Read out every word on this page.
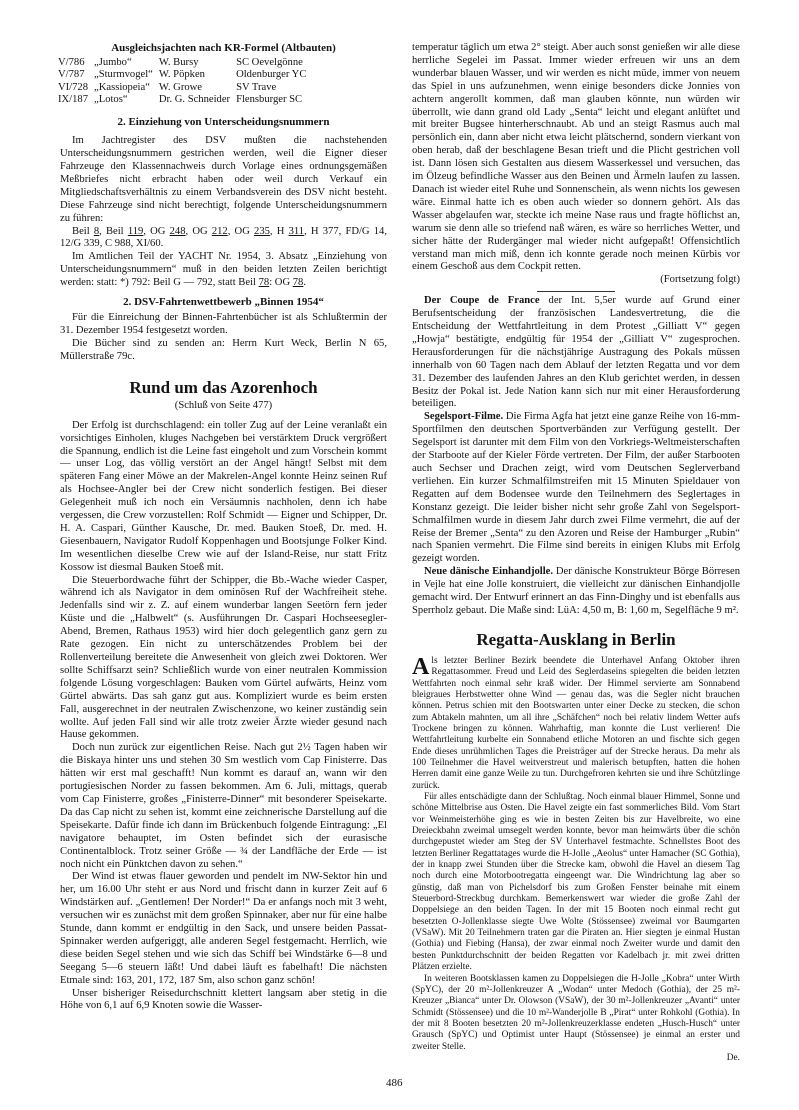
Ausgleichsjachten nach KR-Formel (Altbauten)
V/786	„Jumbo“	W. Bursy	SC Oevelgönne
V/787	„Sturmvogel“	W. Pöpken	Oldenburger YC
VI/728	„Kassiopeia“	W. Growe	SV Trave
IX/187	„Lotos“	Dr. G. Schneider	Flensburger SC
2. Einziehung von Unterscheidungsnummern

Im Jachtregister des DSV mußten die nachstehenden Unterscheidungsnummern gestrichen werden, weil die Eigner dieser Fahrzeuge den Klassennachweis durch Vorlage eines ordnungsgemäßen Meßbriefes nicht erbracht haben oder weil durch Verkauf ein Mitgliedschaftsverhältnis zu einem Verbandsverein des DSV nicht besteht. Diese Fahrzeuge sind nicht berechtigt, folgende Unterscheidungsnummern zu führen:

Beil 8, Beil 119, OG 248, OG 212, OG 235, H 311, H 377, FD/G 14, 12/G 339, C 988, XI/60.

Im Amtlichen Teil der YACHT Nr. 1954, 3. Absatz „Einziehung von Unterscheidungsnummern“ muß in den beiden letzten Zeilen berichtigt werden: statt: *) 792: Beil G — 792, statt Beil 78: OG 78.

2. DSV-Fahrtenwettbewerb „Binnen 1954“

Für die Einreichung der Binnen-Fahrtenbücher ist als Schlußtermin der 31. Dezember 1954 festgesetzt worden.

Die Bücher sind zu senden an: Herrn Kurt Weck, Berlin N 65, Müllerstraße 79c.

Rund um das Azorenhoch
(Schluß von Seite 477)

Der Erfolg ist durchschlagend: ein toller Zug auf der Leine veranlaßt ein vorsichtiges Einholen, kluges Nachgeben bei verstärktem Druck vergrößert die Spannung, endlich ist die Leine fast eingeholt und zum Vorschein kommt — unser Log, das völlig verstört an der Angel hängt! Selbst mit dem späteren Fang einer Möwe an der Makrelen-Angel konnte Heinz seinen Ruf als Hochsee-Angler bei der Crew nicht sonderlich festigen. Bei dieser Gelegenheit muß ich noch ein Versäumnis nachholen, denn ich habe vergessen, die Crew vorzustellen: Rolf Schmidt — Eigner und Schipper, Dr. H. A. Caspari, Günther Kausche, Dr. med. Bauken Stoeß, Dr. med. H. Giesenbauern, Navigator Rudolf Koppenhagen und Bootsjunge Folker Kind. Im wesentlichen dieselbe Crew wie auf der Island-Reise, nur statt Fritz Kossow ist diesmal Bauken Stoeß mit.

Die Steuerbordwache führt der Schipper, die Bb.-Wache wieder Casper, während ich als Navigator in dem ominösen Ruf der Wachfreiheit stehe. Jedenfalls sind wir z. Z. auf einem wunderbar langen Seetörn fern jeder Küste und die „Halbwelt“ (s. Ausführungen Dr. Caspari Hochseesegler-Abend, Bremen, Rathaus 1953) wird hier doch gelegentlich ganz gern zu Rate gezogen. Ein nicht zu unterschätzendes Problem bei der Rollenverteilung bereitete die Anwesenheit von gleich zwei Doktoren. Wer sollte Schiffsarzt sein? Schließlich wurde von einer neutralen Kommission folgende Lösung vorgeschlagen: Bauken vom Gürtel aufwärts, Heinz vom Gürtel abwärts. Das sah ganz gut aus. Kompliziert wurde es beim ersten Fall, ausgerechnet in der neutralen Zwischenzone, wo keiner zuständig sein wollte. Auf jeden Fall sind wir alle trotz zweier Ärzte wieder gesund nach Hause gekommen.

Doch nun zurück zur eigentlichen Reise. Nach gut 2½ Tagen haben wir die Biskaya hinter uns und stehen 30 Sm westlich vom Cap Finisterre. Das hätten wir erst mal geschafft! Nun kommt es darauf an, wann wir den portugiesischen Norder zu fassen bekommen. Am 6. Juli, mittags, querab vom Cap Finisterre, großes „Finisterre-Dinner“ mit besonderer Speisekarte. Da das Cap nicht zu sehen ist, kommt eine zeichnerische Darstellung auf die Speisekarte. Dafür finde ich dann im Brückenbuch folgende Eintragung: „El navigatore behauptet, im Osten befindet sich der eurasische Continentalblock. Trotz seiner Größe — ¾ der Landfläche der Erde — ist noch nicht ein Pünktchen davon zu sehen.“

Der Wind ist etwas flauer geworden und pendelt im NW-Sektor hin und her, um 16.00 Uhr steht er aus Nord und frischt dann in kurzer Zeit auf 6 Windstärken auf. „Gentlemen! Der Norder!“ Da er anfangs noch mit 3 weht, versuchen wir es zunächst mit dem großen Spinnaker, aber nur für eine halbe Stunde, dann kommt er endgültig in den Sack, und unsere beiden Passat-Spinnaker werden aufgeriggt, alle anderen Segel festgemacht. Herrlich, wie diese beiden Segel stehen und wie sich das Schiff bei Windstärke 6—8 und Seegang 5—6 steuern läßt! Und dabei läuft es fabelhaft! Die nächsten Etmale sind: 163, 201, 172, 187 Sm, also schon ganz schön!

Unser bisheriger Reisedurchschnitt klettert langsam aber stetig in die Höhe von 6,1 auf 6,9 Knoten sowie die Wasser-

temperatur täglich um etwa 2° steigt. Aber auch sonst genießen wir alle diese herrliche Segelei im Passat. Immer wieder erfreuen wir uns an dem wunderbar blauen Wasser, und wir werden es nicht müde, immer von neuem das Spiel in uns aufzunehmen, wenn einige besonders dicke Jonnies von achtern angerollt kommen, daß man glauben könnte, nun würden wir überrollt, wie dann grand old Lady „Senta“ leicht und elegant anlüftet und mit breiter Bugsee hinterherschnaubt. Ab und an steigt Rasmus auch mal persönlich ein, dann aber nicht etwa leicht plätschernd, sondern vierkant von oben herab, daß der beschlagene Besan trieft und die Plicht gestrichen voll ist. Dann lösen sich Gestalten aus diesem Wasserkessel und versuchen, das im Ölzeug befindliche Wasser aus den Beinen und Ärmeln laufen zu lassen. Danach ist wieder eitel Ruhe und Sonnenschein, als wenn nichts los gewesen wäre. Einmal hatte ich es oben auch wieder so donnern gehört. Als das Wasser abgelaufen war, steckte ich meine Nase raus und fragte höflichst an, warum sie denn alle so triefend naß wären, es wäre so herrliches Wetter, und sicher hätte der Rudergänger mal wieder nicht aufgepaßt! Offensichtlich verstand man mich miß, denn ich konnte gerade noch meinen Kürbis vor einem Geschoß aus dem Cockpit retten.

(Fortsetzung folgt)

Der Coupe de France der Int. 5,5er wurde auf Grund einer Berufsentscheidung der französischen Landesvertretung, die die Entscheidung der Wettfahrtleitung in dem Protest „Gilliatt V“ gegen „Howja“ bestätigte, endgültig für 1954 der „Gilliatt V“ zugesprochen. Herausforderungen für die nächstjährige Austragung des Pokals müssen innerhalb von 60 Tagen nach dem Ablauf der letzten Regatta und vor dem 31. Dezember des laufenden Jahres an den Klub gerichtet werden, in dessen Besitz der Pokal ist. Jede Nation kann sich nur mit einer Herausforderung beteiligen.

Segelsport-Filme. Die Firma Agfa hat jetzt eine ganze Reihe von 16-mm-Sportfilmen den deutschen Sportverbänden zur Verfügung gestellt. Der Segelsport ist darunter mit dem Film von den Vorkriegs-Weltmeisterschaften der Starboote auf der Kieler Förde vertreten. Der Film, der außer Starbooten auch Sechser und Drachen zeigt, wird vom Deutschen Seglerverband verliehen. Ein kurzer Schmalfilmstreifen mit 15 Minuten Spieldauer von Regatten auf dem Bodensee wurde den Teilnehmern des Seglertages in Konstanz gezeigt. Die leider bisher nicht sehr große Zahl von Segelsport-Schmalfilmen wurde in diesem Jahr durch zwei Filme vermehrt, die auf der Reise der Bremer „Senta“ zu den Azoren und Reise der Hamburger „Rubin“ nach Spanien vermehrt. Die Filme sind bereits in einigen Klubs mit Erfolg gezeigt worden.

Neue dänische Einhandjolle. Der dänische Konstrukteur Börge Börresen in Vejle hat eine Jolle konstruiert, die vielleicht zur dänischen Einhandjolle gemacht wird. Der Entwurf erinnert an das Finn-Dinghy und ist ebenfalls aus Sperrholz gebaut. Die Maße sind: LüA: 4,50 m, B: 1,60 m, Segelfläche 9 m².

Regatta-Ausklang in Berlin

Als letzter Berliner Bezirk beendete die Unterhavel Anfang Oktober ihren Regattasommer. Freud und Leid des Seglerdaseins spiegelten die beiden letzten Wettfahrten noch einmal sehr kraß wider. Der Himmel servierte am Sonnabend bleigraues Herbstwetter ohne Wind — genau das, was die Segler nicht brauchen können. Petrus schien mit den Bootswarten unter einer Decke zu stecken, die schon zum Abtakeln mahnten, um all ihre „Schäfchen“ noch bei relativ lindem Wetter aufs Trockene bringen zu können. Wahrhaftig, man konnte die Lust verlieren! Die Wettfahrtleitung kurbelte ein Sonnabend etliche Motoren an und fischte sich gegen Ende dieses unrühmlichen Tages die Preisträger auf der Strecke heraus. Da mehr als 100 Teilnehmer die Havel weitverstreut und malerisch betupften, hatten die hohen Herren damit eine ganze Weile zu tun. Durchgefroren kehrten sie und ihre Schützlinge zurück.

Für alles entschädigte dann der Schlußtag. Noch einmal blauer Himmel, Sonne und schöne Mittelbrise aus Osten. Die Havel zeigte ein fast sommerliches Bild. Vom Start vor Weinmeisterhöhe ging es wie in besten Zeiten bis zur Havelbreite, wo eine Dreieckbahn zweimal umsegelt werden konnte, bevor man heimwärts über die schön durchgepustet wieder am Steg der SV Unterhavel festmachte. Schnellstes Boot des letzten Berliner Regattatages wurde die H-Jolle „Aeolus“ unter Hamacher (SC Gothia), der in knapp zwei Stunden über die Strecke kam, obwohl die Havel an diesem Tag noch durch eine Motorbootregatta eingeengt war. Die Windrichtung lag aber so günstig, daß man von Pichelsdorf bis zum Großen Fenster beinahe mit einem Steuerbord-Streckbug durchkam. Bemerkenswert war wieder die große Zahl der Doppelsiege an den beiden Tagen. In der mit 15 Booten noch einmal recht gut besetzten O-Jollenklasse siegte Uwe Wolte (Stössensee) zweimal vor Baumgarten (VSaW). Mit 20 Teilnehmern traten gar die Piraten an. Hier siegten je einmal Hustan (Gothia) und Fiebing (Hansa), der zwar einmal noch Zweiter wurde und damit den besten Punktdurchschnitt der beiden Regatten vor Kadelbach jr. mit zwei dritten Plätzen erzielte.

In weiteren Bootsklassen kamen zu Doppelsiegen die H-Jolle „Kobra“ unter Wirth (SpYC), der 20 m²-Jollenkreuzer A „Wodan“ unter Medoch (Gothia), der 25 m²-Kreuzer „Bianca“ unter Dr. Olowson (VSaW), der 30 m²-Jollenkreuzer „Avanti“ unter Schmidt (Stössensee) und die 10 m²-Wanderjolle B „Pirat“ unter Rohkohl (Gothia). In der mit 8 Booten besetzten 20 m²-Jollenkreuzerklasse endeten „Husch-Husch“ unter Grausch (SpYC) und Optimist unter Haupt (Stössensee) je einmal an erster und zweiter Stelle.

De.

486
